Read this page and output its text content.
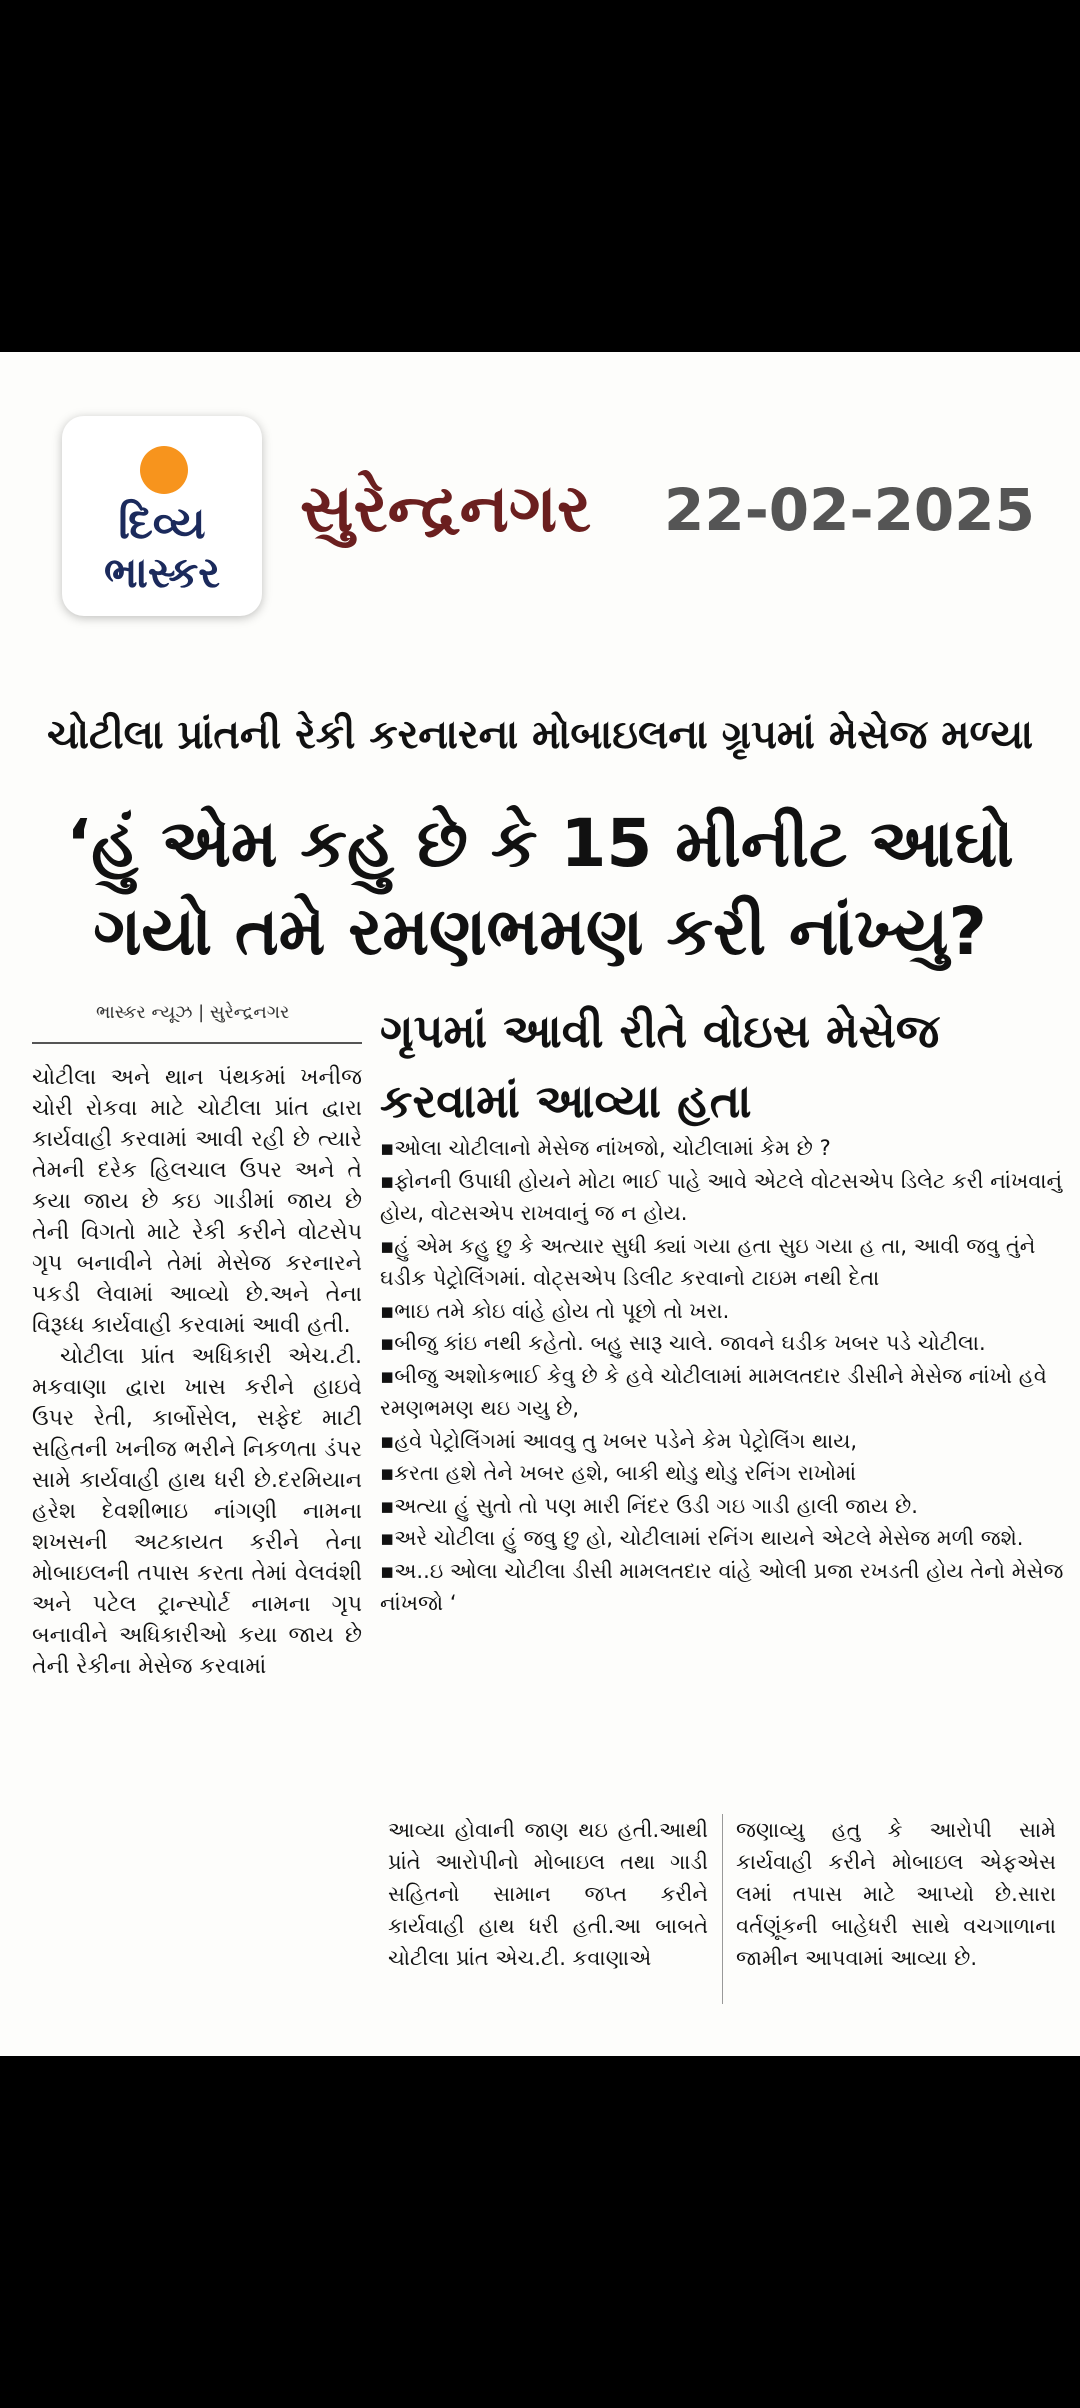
દિવ્ય
ભાસ્કર
સુરેન્દ્રનગર 22-02-2025
ચોટીલા પ્રાંતની રેકી કરનારના મોબાઇલના ગ્રૃપમાં મેસેજ મળ્યા
‘હું એમ કહુ છે કે 15 મીનીટ આઘો
ગયો તમે રમણભમણ કરી નાંખ્યુ?
ભાસ્કર ન્યૂઝ | સુરેન્દ્રનગર

ચોટીલા અને થાન પંથકમાં ખનીજ ચોરી રોકવા માટે ચોટીલા પ્રાંત દ્વારા કાર્યવાહી કરવામાં આવી રહી છે ત્યારે તેમની દરેક હિલચાલ ઉપર અને તે કયા જાય છે કઇ ગાડીમાં જાય છે તેની વિગતો માટે રેકી કરીને વોટસેપ ગૃપ બનાવીને તેમાં મેસેજ કરનારને પકડી લેવામાં આવ્યો છે.અને તેના વિરૂધ્ધ કાર્યવાહી કરવામાં આવી હતી.

ચોટીલા પ્રાંત અધિકારી એચ.ટી. મકવાણા દ્વારા ખાસ કરીને હાઇવે ઉપર રેતી, કાર્બોસેલ, સફેદ માટી સહિતની ખનીજ ભરીને નિકળતા ડંપર સામે કાર્યવાહી હાથ ધરી છે.દરમિયાન હરેશ દેવશીભાઇ નાંગણી નામના શખસની અટકાયત કરીને તેના મોબાઇલની તપાસ કરતા તેમાં વેલવંશી અને પટેલ ટ્રાન્સ્પોર્ટ નામના ગૃપ બનાવીને અધિકારીઓ કયા જાય છે તેની રેકીના મેસેજ કરવામાં

ગૃપમાં આવી રીતે વોઇસ મેસેજ કરવામાં આવ્યા હતા
▪ઓલા ચોટીલાનો મેસેજ નાંખજો, ચોટીલામાં કેમ છે ?
▪ફોનની ઉપાધી હોયને મોટા ભાઈ પાહે આવે એટલે વોટસએપ ડિલેટ કરી નાંખવાનું હોય, વોટસએપ રાખવાનું જ ન હોય.
▪હું એમ કહુ છુ કે અત્યાર સુધી ક્યાં ગયા હતા સુઇ ગયા હ તા, આવી જવુ તુંને ઘડીક પેટ્રોલિંગમાં. વોટ્સએપ ડિલીટ કરવાનો ટાઇમ નથી દેતા
▪ભાઇ તમે કોઇ વાંહે હોય તો પૂછો તો ખરા.
▪બીજુ કાંઇ નથી કહેતો. બહુ સારૂ ચાલે. જાવને ઘડીક ખબર પડે ચોટીલા.
▪બીજુ અશોકભાઈ કેવુ છે કે હવે ચોટીલામાં મામલતદાર ડીસીને મેસેજ નાંખો હવે રમણભમણ થઇ ગયુ છે,
▪હવે પેટ્રોલિંગમાં આવવુ તુ ખબર પડેને કેમ પેટ્રોલિંગ થાય,
▪કરતા હશે તેને ખબર હશે, બાકી થોડુ થોડુ રનિંગ રાખોમાં
▪અત્યા હું સુતો તો પણ મારી નિંદર ઉડી ગઇ ગાડી હાલી જાય છે.
▪અરે ચોટીલા હું જવુ છુ હો, ચોટીલામાં રનિંગ થાયને એટલે મેસેજ મળી જશે.
▪અ..ઇ ઓલા ચોટીલા ડીસી મામલતદાર વાંહે ઓલી પ્રજા રખડતી હોય તેનો મેસેજ નાંખજો ‘
આવ્યા હોવાની જાણ થઇ હતી.આથી પ્રાંતે આરોપીનો મોબાઇલ તથા ગાડી સહિતનો સામાન જપ્ત કરીને કાર્યવાહી હાથ ધરી હતી.આ બાબતે ચોટીલા પ્રાંત એચ.ટી. કવાણાએ
જણાવ્યુ હતુ કે આરોપી સામે કાર્યવાહી કરીને મોબાઇલ એફએસ લમાં તપાસ માટે આપ્યો છે.સારા વર્તણૂંકની બાહેધરી સાથે વચગાળાના જામીન આપવામાં આવ્યા છે.
